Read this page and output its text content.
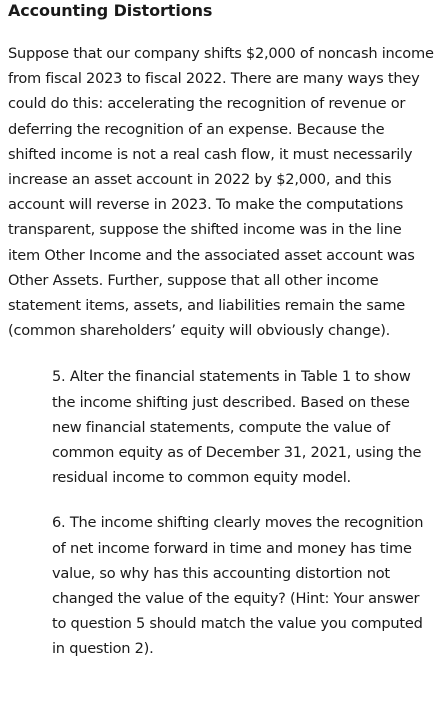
Accounting Distortions

Suppose that our company shifts $2,000 of noncash income from fiscal 2023 to fiscal 2022. There are many ways they could do this: accelerating the recognition of revenue or deferring the recognition of an expense. Because the shifted income is not a real cash flow, it must necessarily increase an asset account in 2022 by $2,000, and this account will reverse in 2023. To make the computations transparent, suppose the shifted income was in the line item Other Income and the associated asset account was Other Assets. Further, suppose that all other income statement items, assets, and liabilities remain the same (common shareholders’ equity will obviously change).

5. Alter the financial statements in Table 1 to show the income shifting just described. Based on these new financial statements, compute the value of common equity as of December 31, 2021, using the residual income to common equity model.

6. The income shifting clearly moves the recognition of net income forward in time and money has time value, so why has this accounting distortion not changed the value of the equity? (Hint: Your answer to question 5 should match the value you computed in question 2).
